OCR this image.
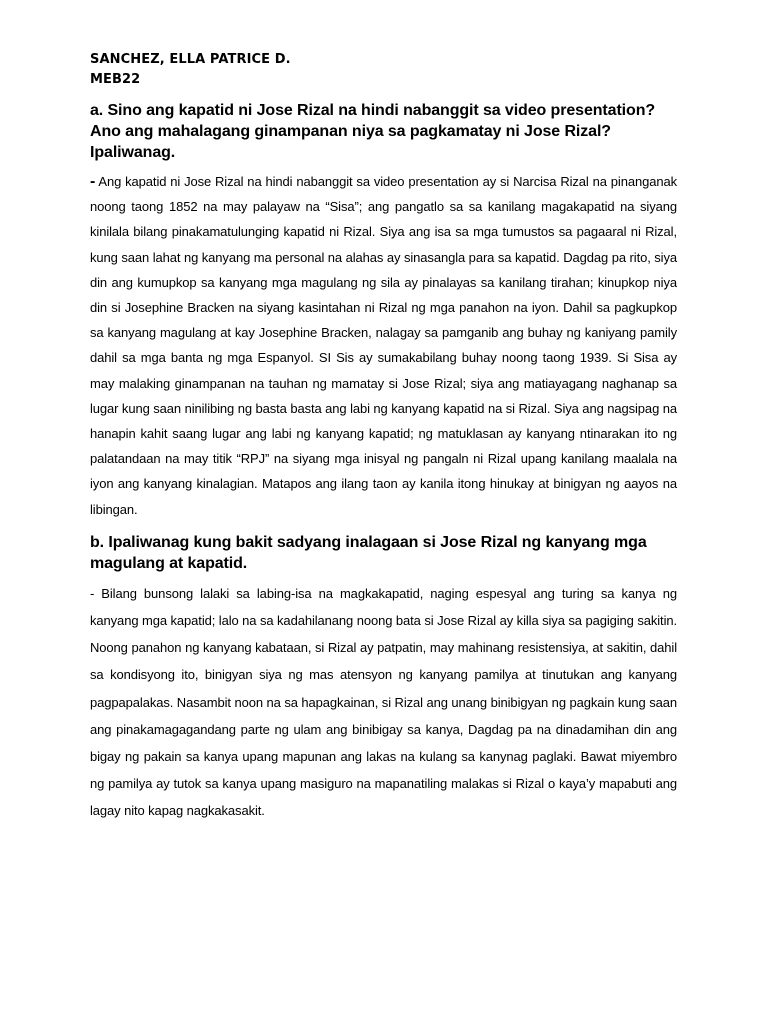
SANCHEZ, ELLA PATRICE D.
MEB22

a. Sino ang kapatid ni Jose Rizal na hindi nabanggit sa video presentation? Ano ang mahalagang ginampanan niya sa pagkamatay ni Jose Rizal? Ipaliwanag.

- Ang kapatid ni Jose Rizal na hindi nabanggit sa video presentation ay si Narcisa Rizal na pinanganak noong taong 1852 na may palayaw na “Sisa”; ang pangatlo sa sa kanilang magakapatid na siyang kinilala bilang pinakamatulunging kapatid ni Rizal. Siya ang isa sa mga tumustos sa pagaaral ni Rizal, kung saan lahat ng kanyang ma personal na alahas ay sinasangla para sa kapatid. Dagdag pa rito, siya din ang kumupkop sa kanyang mga magulang ng sila ay pinalayas sa kanilang tirahan; kinupkop niya din si Josephine Bracken na siyang kasintahan ni Rizal ng mga panahon na iyon. Dahil sa pagkupkop sa kanyang magulang at kay Josephine Bracken, nalagay sa pamganib ang buhay ng kaniyang pamily dahil sa mga banta ng mga Espanyol. SI Sis ay sumakabilang buhay noong taong 1939. Si Sisa ay may malaking ginampanan na tauhan ng mamatay si Jose Rizal; siya ang matiayagang naghanap sa lugar kung saan ninilibing ng basta basta ang labi ng kanyang kapatid na si Rizal. Siya ang nagsipag na hanapin kahit saang lugar ang labi ng kanyang kapatid; ng matuklasan ay kanyang ntinarakan ito ng palatandaan na may titik “RPJ” na siyang mga inisyal ng pangaln ni Rizal upang kanilang maalala na iyon ang kanyang kinalagian. Matapos ang ilang taon ay kanila itong hinukay at binigyan ng aayos na libingan.

b. Ipaliwanag kung bakit sadyang inalagaan si Jose Rizal ng kanyang mga magulang at kapatid.

- Bilang bunsong lalaki sa labing-isa na magkakapatid, naging espesyal ang turing sa kanya ng kanyang mga kapatid; lalo na sa kadahilanang noong bata si Jose Rizal ay killa siya sa pagiging sakitin. Noong panahon ng kanyang kabataan, si Rizal ay patpatin, may mahinang resistensiya, at sakitin, dahil sa kondisyong ito, binigyan siya ng mas atensyon ng kanyang pamilya at tinutukan ang kanyang pagpapalakas. Nasambit noon na sa hapagkainan, si Rizal ang unang binibigyan ng pagkain kung saan ang pinakamagagandang parte ng ulam ang binibigay sa kanya, Dagdag pa na dinadamihan din ang bigay ng pakain sa kanya upang mapunan ang lakas na kulang sa kanynag paglaki. Bawat miyembro ng pamilya ay tutok sa kanya upang masiguro na mapanatiling malakas si Rizal o kaya’y mapabuti ang lagay nito kapag nagkakasakit.
